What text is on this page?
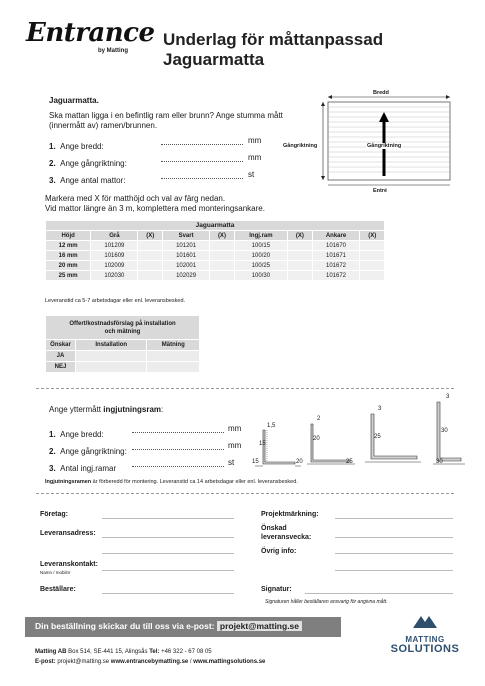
Entrance
by Matting
Underlag för måttanpassad
Jaguarmatta
Jaguarmatta.
Ska mattan ligga i en befintlig ram eller brunn? Ange stumma mått (innermått av) ramen/brunnen.
1. Ange bredd:
mm
2. Ange gångriktning:
mm
3. Ange antal mattor:
st
Bredd
Gångriktning	Gångriktning
Entré
Markera med X för matthöjd och val av färg nedan.
Vid mattor längre än 3 m, komplettera med monteringsankare.
Jaguarmatta								
Höjd	Grå	(X)	Svart	(X)	Ingj.ram	(X)	Ankare	(X)
12 mm	101209		101201		100/15		101670	
16 mm	101609		101601		100/20		101671	
20 mm	102009		102001		100/25		101672	
25 mm	102030		102029		100/30		101672	
Leveranstid ca 5-7 arbetsdagar eller enl. leveransbesked.
Offert/kostnadsförslag på installation och mätning		
Önskar	Installation	Mätning
JA		
NEJ		
Ange yttermått ingjutningsram:
1. Ange bredd:
mm
2. Ange gångriktning:
mm
3. Antal ingj.ramar
st
1,5
15
15
2
20
20
3
25
25
3
30
30
Ingjutningsramen är förberedd för montering. Leveranstid ca 14 arbetsdagar eller enl. leveransbesked.
Företag:
Leveransadress:
Leveranskontakt:
Namn / mobilnr
Beställare:
Projektmärkning:
Önskad leveransvecka:
Övrig info:
Signatur:
Signaturen håller beställaren ansvarig för angivna mått.
Din beställning skickar du till oss via e-post: projekt@matting.se
Matting AB Box 514, SE-441 15, Alingsås Tel: +46 322 - 67 08 05
E-post: projekt@matting.se www.entrancebymatting.se / www.mattingsolutions.se
MATTING
SOLUTIONS
